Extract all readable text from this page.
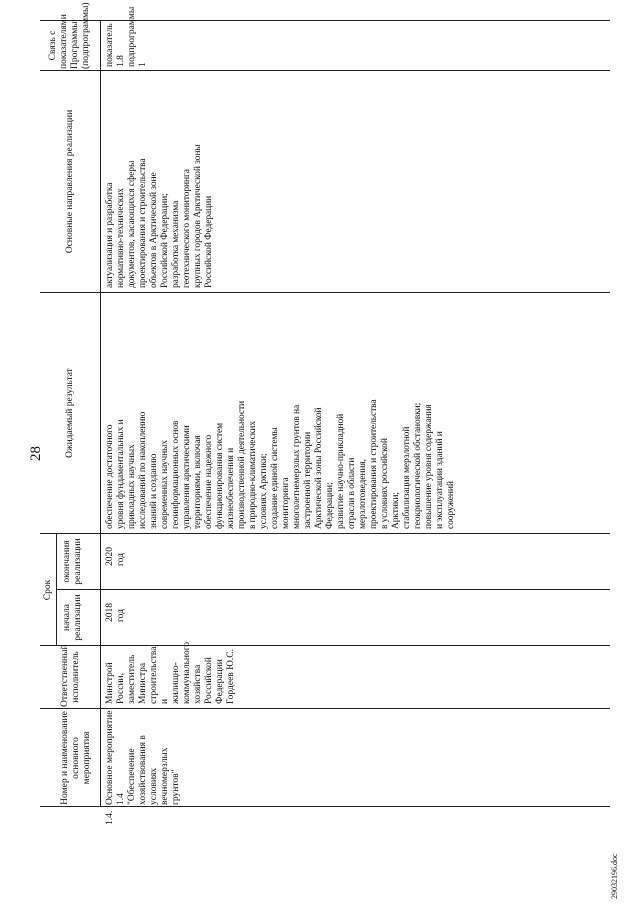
28
29032196.doc
Номер и наименование основного мероприятия
Ответственный исполнитель
Срок
начала реализации
окончания реализации
Ожидаемый результат
Основные направления реализации
Связь с показателями Программы (подпрограммы)
1.4.
Основное мероприятие 1.4
"Обеспечение
хозяйствования в условиях
вечномерзлых грунтов"
Минстрой
России,
заместитель
Министра
строительства и
жилищно-
коммунального
хозяйства
Российской
Федерации
Гордеев Ю.С.
2018
год
2020
год
обеспечение достаточного
уровня фундаментальных и
прикладных научных
исследований по накоплению
знаний и созданию
современных научных
геоинформационных основ
управления арктическими
территориями, включая
обеспечение надежного
функционирования систем
жизнеобеспечения и
производственной деятельности
в природно-климатических
условиях Арктики;
создание единой системы
мониторинга
многолетнемерзлых грунтов на
застроенной территории
Арктической зоны Российской
Федерации;
развитие научно-прикладной
отрасли в области
мерзлотоведения,
проектирования и строительства
в условиях российской
Арктики;
стабилизация мерзлотной
геокриологической обстановки;
повышение уровня содержания
и эксплуатации зданий и
сооружений
актуализация и разработка
нормативно-технических
документов, касающихся сферы
проектирования и строительства
объектов в Арктической зоне
Российской Федерации;
разработка механизма
геотехнического мониторинга
крупных городов Арктической зоны
Российской Федерации
показатель 1.8
подпрограммы 1
